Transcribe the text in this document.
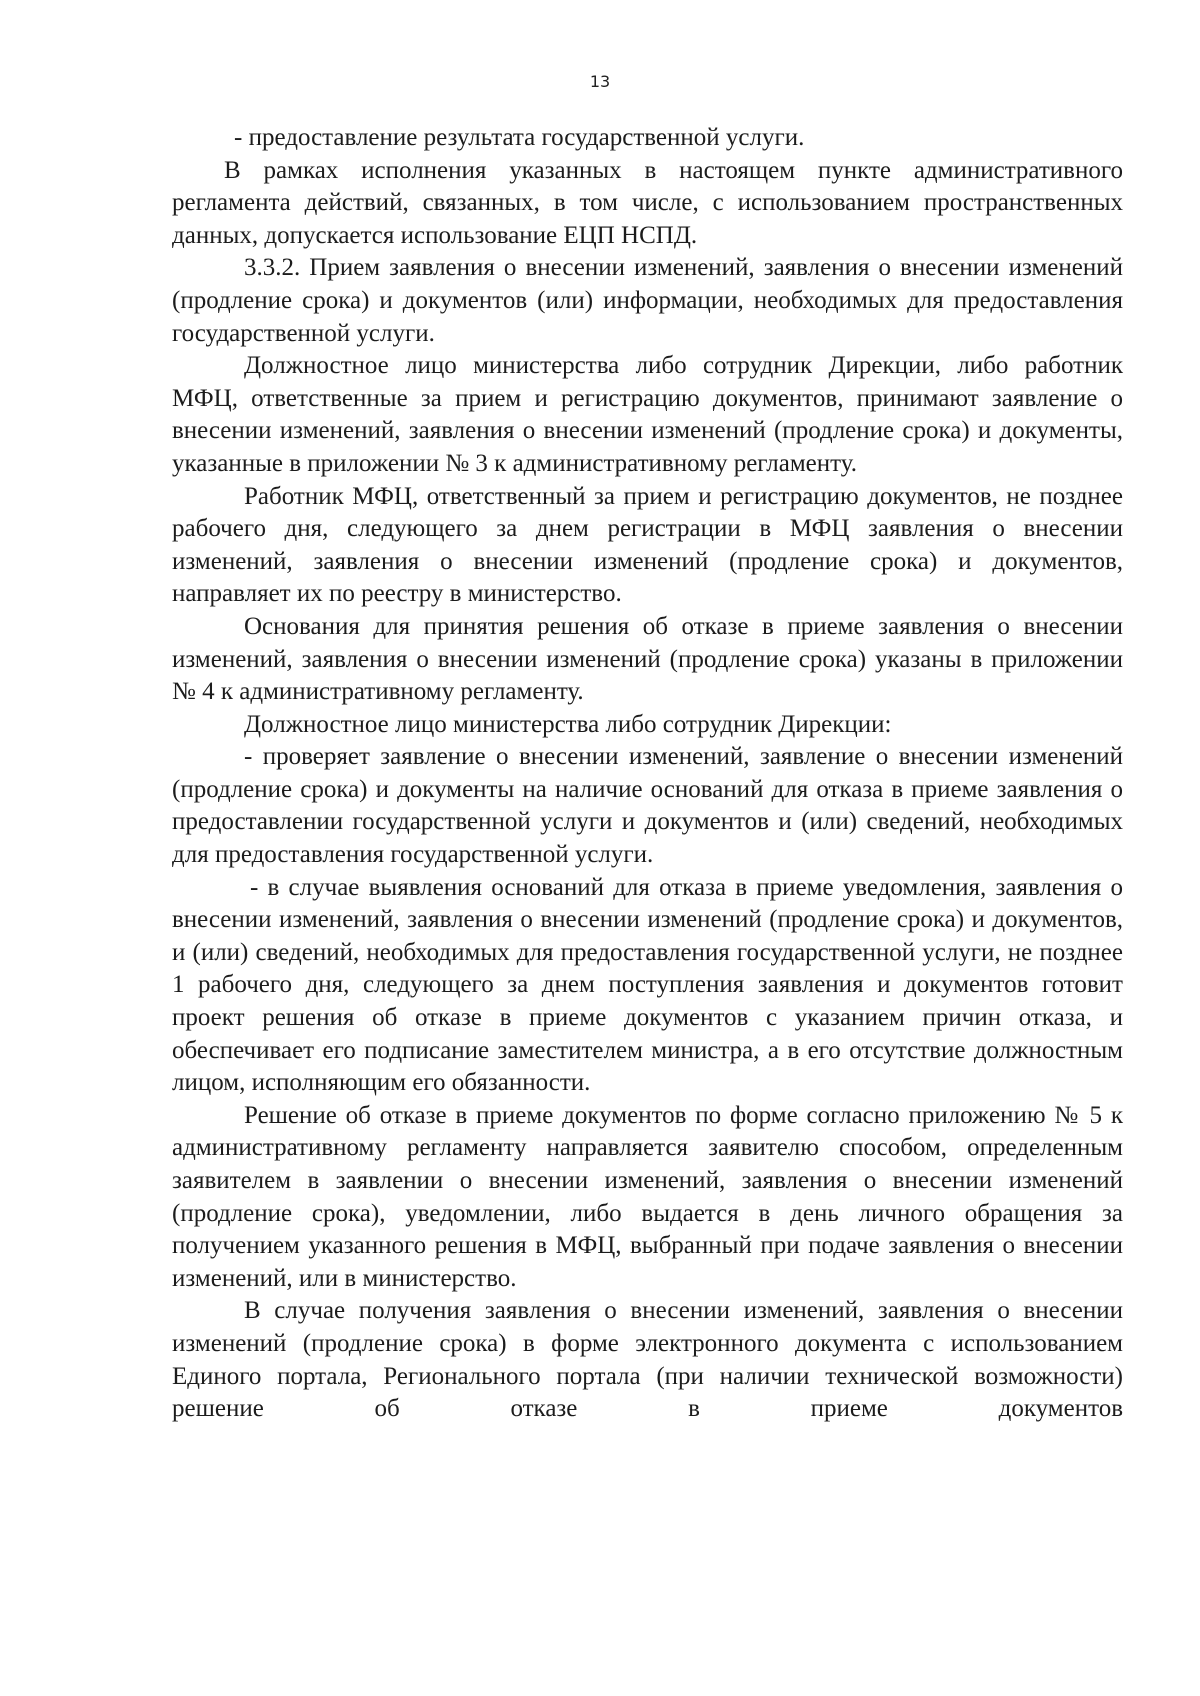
13

- предоставление результата государственной услуги.

В рамках исполнения указанных в настоящем пункте административного регламента действий, связанных, в том числе, с использованием пространственных данных, допускается использование ЕЦП НСПД.

3.3.2. Прием заявления о внесении изменений, заявления о внесении изменений (продление срока) и документов (или) информации, необходимых для предоставления государственной услуги.

Должностное лицо министерства либо сотрудник Дирекции, либо работник МФЦ, ответственные за прием и регистрацию документов, принимают заявление о внесении изменений, заявления о внесении изменений (продление срока) и документы, указанные в приложении № 3 к административному регламенту.

Работник МФЦ, ответственный за прием и регистрацию документов, не позднее рабочего дня, следующего за днем регистрации в МФЦ заявления о внесении изменений, заявления о внесении изменений (продление срока) и документов, направляет их по реестру в министерство.

Основания для принятия решения об отказе в приеме заявления о внесении изменений, заявления о внесении изменений (продление срока) указаны в приложении № 4 к административному регламенту.

Должностное лицо министерства либо сотрудник Дирекции:

- проверяет заявление о внесении изменений, заявление о внесении изменений (продление срока) и документы на наличие оснований для отказа в приеме заявления о предоставлении государственной услуги и документов и (или) сведений, необходимых для предоставления государственной услуги.

- в случае выявления оснований для отказа в приеме уведомления, заявления о внесении изменений, заявления о внесении изменений (продление срока) и документов, и (или) сведений, необходимых для предоставления государственной услуги, не позднее 1 рабочего дня, следующего за днем поступления заявления и документов готовит проект решения об отказе в приеме документов с указанием причин отказа, и обеспечивает его подписание заместителем министра, а в его отсутствие должностным лицом, исполняющим его обязанности.

Решение об отказе в приеме документов по форме согласно приложению № 5 к административному регламенту направляется заявителю способом, определенным заявителем в заявлении о внесении изменений, заявления о внесении изменений (продление срока), уведомлении, либо выдается в день личного обращения за получением указанного решения в МФЦ, выбранный при подаче заявления о внесении изменений, или в министерство.

В случае получения заявления о внесении изменений, заявления о внесении изменений (продление срока) в форме электронного документа с использованием Единого портала, Регионального портала (при наличии технической возможности) решение об отказе в приеме документов
